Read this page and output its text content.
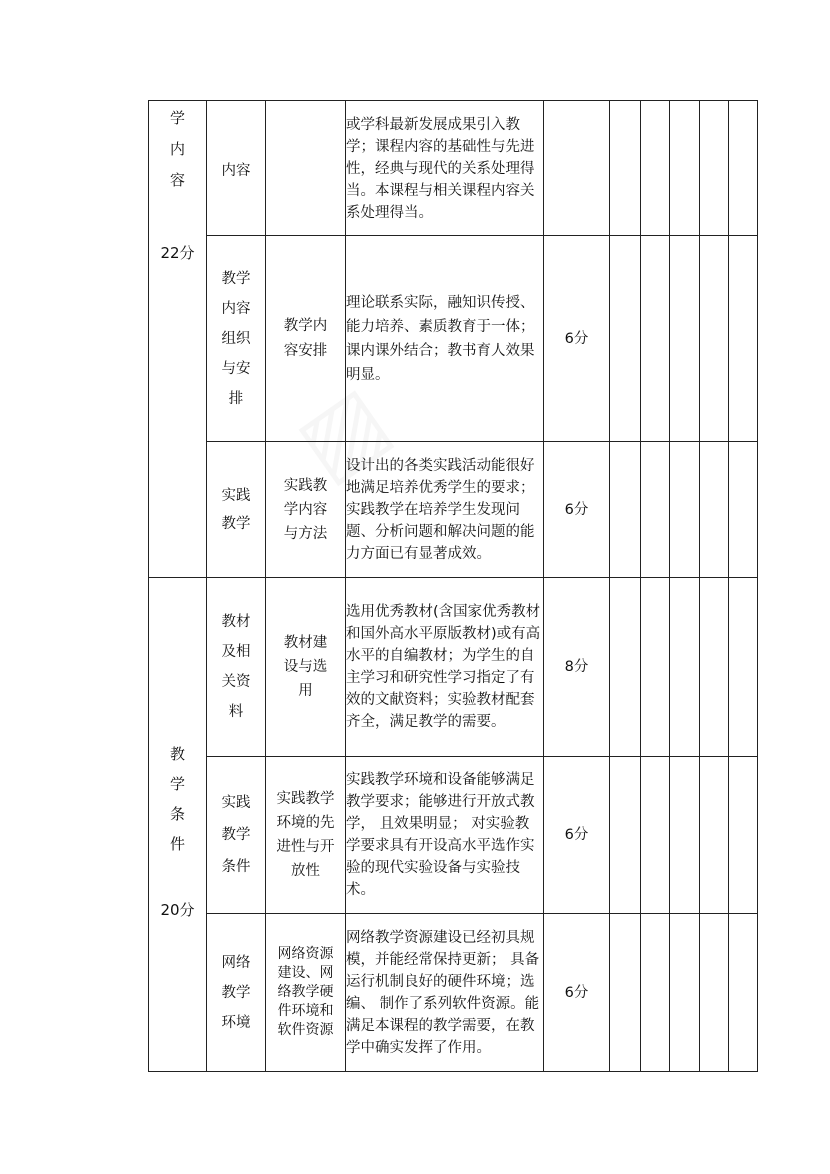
学内容
22分	内容		或学科最新发展成果引入教学；课程内容的基础性与先进性，经典与现代的关系处理得当。本课程与相关课程内容关系处理得当。						

	教学内容组织与安排	教学内容安排	理论联系实际，融知识传授、能力培养、素质教育于一体；课内课外结合；教书育人效果明显。	6分					

	实践教学	实践教学内容与方法	设计出的各类实践活动能很好地满足培养优秀学生的要求；实践教学在培养学生发现问题、分析问题和解决问题的能力方面已有显著成效。	6分					

教学条件
20分	教材及相关资料	教材建设与选用	选用优秀教材(含国家优秀教材和国外高水平原版教材)或有高水平的自编教材；为学生的自主学习和研究性学习指定了有效的文献资料；实验教材配套齐全，满足教学的需要。	8分					

	实践教学条件	实践教学环境的先进性与开放性	实践教学环境和设备能够满足教学要求；能够进行开放式教学， 且效果明显； 对实验教学要求具有开设高水平选作实验的现代实验设备与实验技术。	6分					

	网络教学环境	网络资源建设、网络教学硬件环境和软件资源	网络教学资源建设已经初具规模，并能经常保持更新； 具备运行机制良好的硬件环境；选编、 制作了系列软件资源。能满足本课程的教学需要，在教学中确实发挥了作用。	6分					
